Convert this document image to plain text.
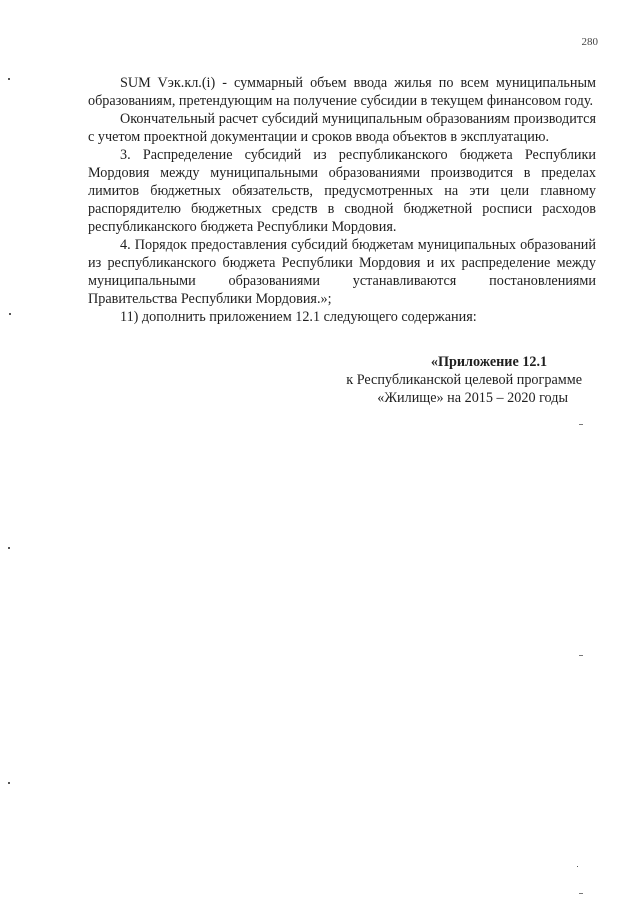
280

SUM Vэк.кл.(i) - суммарный объем ввода жилья по всем муниципальным образованиям, претендующим на получение субсидии в текущем финансовом году.

Окончательный расчет субсидий муниципальным образованиям производится с учетом проектной документации и сроков ввода объектов в эксплуатацию.

3. Распределение субсидий из республиканского бюджета Республики Мордовия между муниципальными образованиями производится в пределах лимитов бюджетных обязательств, предусмотренных на эти цели главному распорядителю бюджетных средств в сводной бюджетной росписи расходов республиканского бюджета Республики Мордовия.

4. Порядок предоставления субсидий бюджетам муниципальных образований из республиканского бюджета Республики Мордовия и их распределение между муниципальными образованиями устанавливаются постановлениями Правительства Республики Мордовия.»;

11) дополнить приложением 12.1 следующего содержания:

«Приложение 12.1

к Республиканской целевой программе

«Жилище» на 2015 – 2020 годы
